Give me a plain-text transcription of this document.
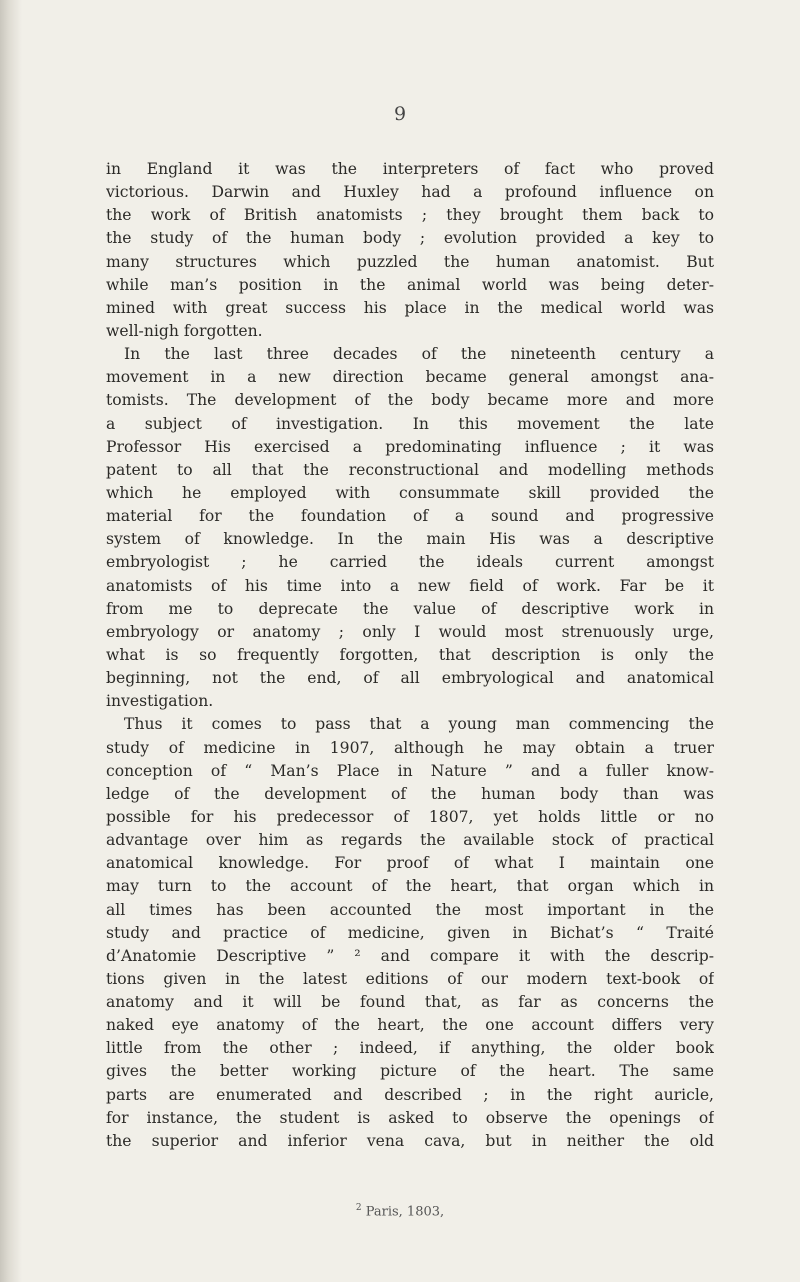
9
in England it was the interpreters of fact who proved
victorious. Darwin and Huxley had a profound influence on
the work of British anatomists ; they brought them back to
the study of the human body ; evolution provided a key to
many structures which puzzled the human anatomist. But
while man’s position in the animal world was being deter-
mined with great success his place in the medical world was
well-nigh forgotten.
In the last three decades of the nineteenth century a
movement in a new direction became general amongst ana-
tomists. The development of the body became more and more
a subject of investigation. In this movement the late
Professor His exercised a predominating influence ; it was
patent to all that the reconstructional and modelling methods
which he employed with consummate skill provided the
material for the foundation of a sound and progressive
system of knowledge. In the main His was a descriptive
embryologist ; he carried the ideals current amongst
anatomists of his time into a new field of work. Far be it
from me to deprecate the value of descriptive work in
embryology or anatomy ; only I would most strenuously urge,
what is so frequently forgotten, that description is only the
beginning, not the end, of all embryological and anatomical
investigation.
Thus it comes to pass that a young man commencing the
study of medicine in 1907, although he may obtain a truer
conception of “ Man’s Place in Nature ” and a fuller know-
ledge of the development of the human body than was
possible for his predecessor of 1807, yet holds little or no
advantage over him as regards the available stock of practical
anatomical knowledge. For proof of what I maintain one
may turn to the account of the heart, that organ which in
all times has been accounted the most important in the
study and practice of medicine, given in Bichat’s “ Traité
d’Anatomie Descriptive ” ² and compare it with the descrip-
tions given in the latest editions of our modern text-book of
anatomy and it will be found that, as far as concerns the
naked eye anatomy of the heart, the one account differs very
little from the other ; indeed, if anything, the older book
gives the better working picture of the heart. The same
parts are enumerated and described ; in the right auricle,
for instance, the student is asked to observe the openings of
the superior and inferior vena cava, but in neither the old
$^2$ Paris, 1803,
